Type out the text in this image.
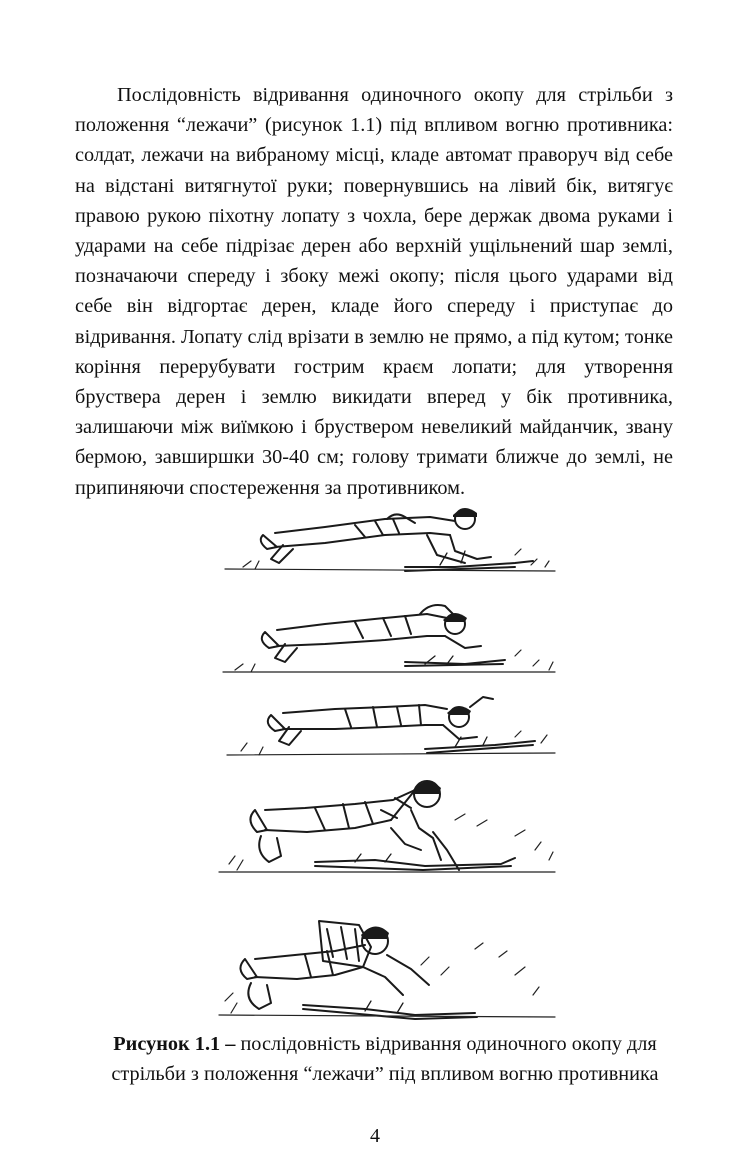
Послідовність відривання одиночного окопу для стрільби з положення “лежачи” (рисунок 1.1) під впливом вогню противника: солдат, лежачи на вибраному місці, кладе автомат праворуч від себе на відстані витягнутої руки; повернувшись на лівий бік, витягує правою рукою піхотну лопату з чохла, бере держак двома руками і ударами на себе підрізає дерен або верхній ущільнений шар землі, позначаючи спереду і збоку межі окопу; після цього ударами від себе він відгортає дерен, кладе його спереду і приступає до відривання. Лопату слід врізати в землю не прямо, а під кутом; тонке коріння перерубувати гострим краєм лопати; для утворення бруствера дерен і землю викидати вперед у бік противника, залишаючи між виїмкою і бруствером невеликий майданчик, звану бермою, завширшки 30-40 см; голову тримати ближче до землі, не припиняючи спостереження за противником.

Рисунок 1.1 – послідовність відривання одиночного окопу для стрільби з положення “лежачи” під впливом вогню противника

4
